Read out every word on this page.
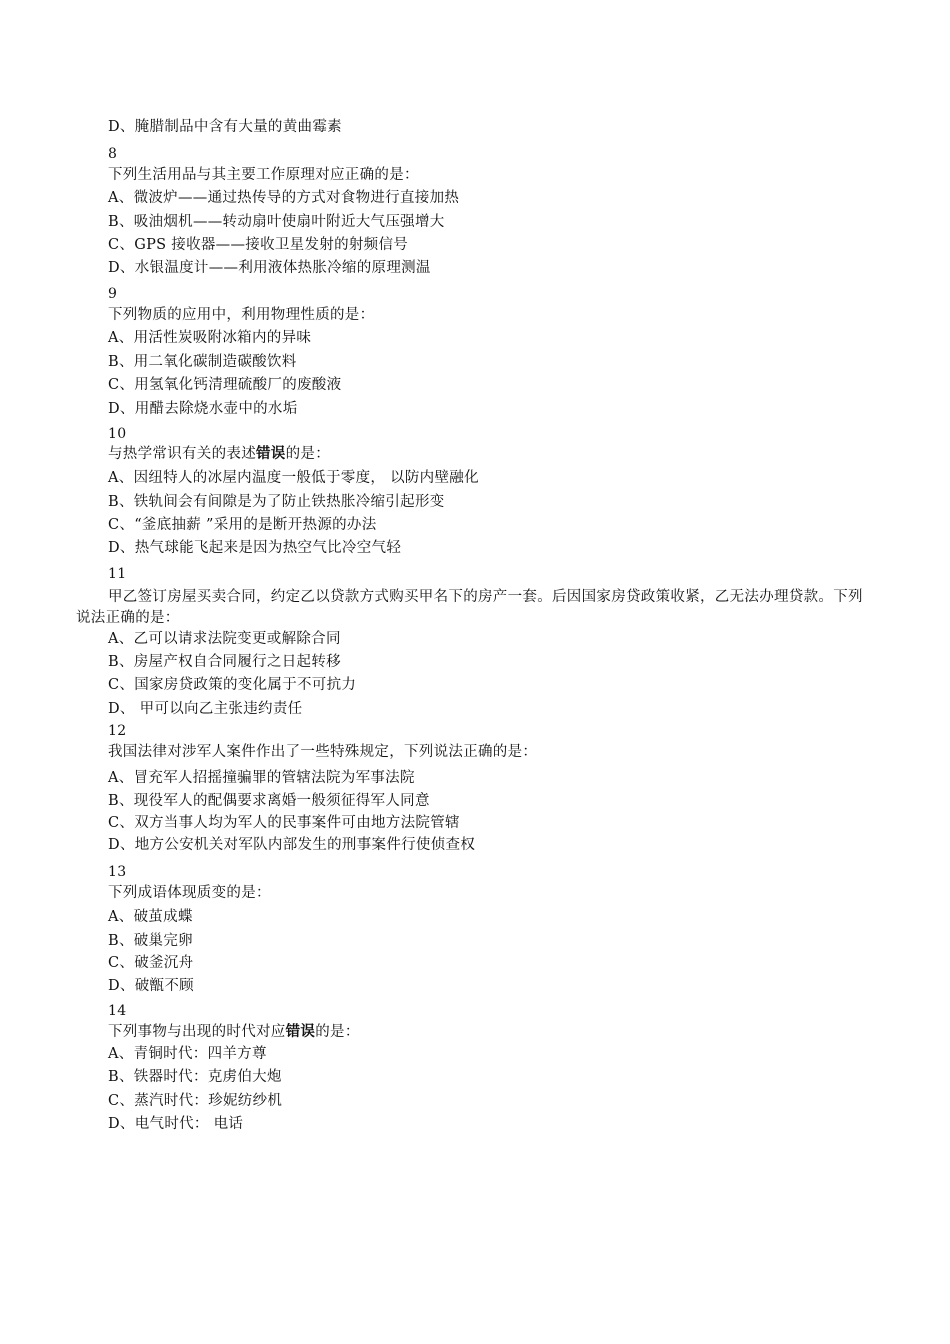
D、腌腊制品中含有大量的黄曲霉素
8
下列生活用品与其主要工作原理对应正确的是：
A、微波炉——通过热传导的方式对食物进行直接加热
B、吸油烟机——转动扇叶使扇叶附近大气压强增大
C、GPS 接收器——接收卫星发射的射频信号
D、水银温度计——利用液体热胀冷缩的原理测温
9
下列物质的应用中，利用物理性质的是：
A、用活性炭吸附冰箱内的异味
B、用二氧化碳制造碳酸饮料
C、用氢氧化钙清理硫酸厂的废酸液
D、用醋去除烧水壶中的水垢
10
与热学常识有关的表述错误的是：
A、因纽特人的冰屋内温度一般低于零度， 以防内壁融化
B、铁轨间会有间隙是为了防止铁热胀冷缩引起形变
C、“釜底抽薪 ”采用的是断开热源的办法
D、热气球能飞起来是因为热空气比冷空气轻
11
甲乙签订房屋买卖合同，约定乙以贷款方式购买甲名下的房产一套。后因国家房贷政策收紧，乙无法办理贷款。下列说法正确的是：
A、乙可以请求法院变更或解除合同
B、房屋产权自合同履行之日起转移
C、国家房贷政策的变化属于不可抗力
D、 甲可以向乙主张违约责任
12
我国法律对涉军人案件作出了一些特殊规定，下列说法正确的是：
A、冒充军人招摇撞骗罪的管辖法院为军事法院
B、现役军人的配偶要求离婚一般须征得军人同意
C、双方当事人均为军人的民事案件可由地方法院管辖
D、地方公安机关对军队内部发生的刑事案件行使侦查权
13
下列成语体现质变的是：
A、破茧成蝶
B、破巢完卵
C、破釜沉舟
D、破甑不顾
14
下列事物与出现的时代对应错误的是：
A、青铜时代：四羊方尊
B、铁器时代：克虏伯大炮
C、蒸汽时代：珍妮纺纱机
D、电气时代： 电话
